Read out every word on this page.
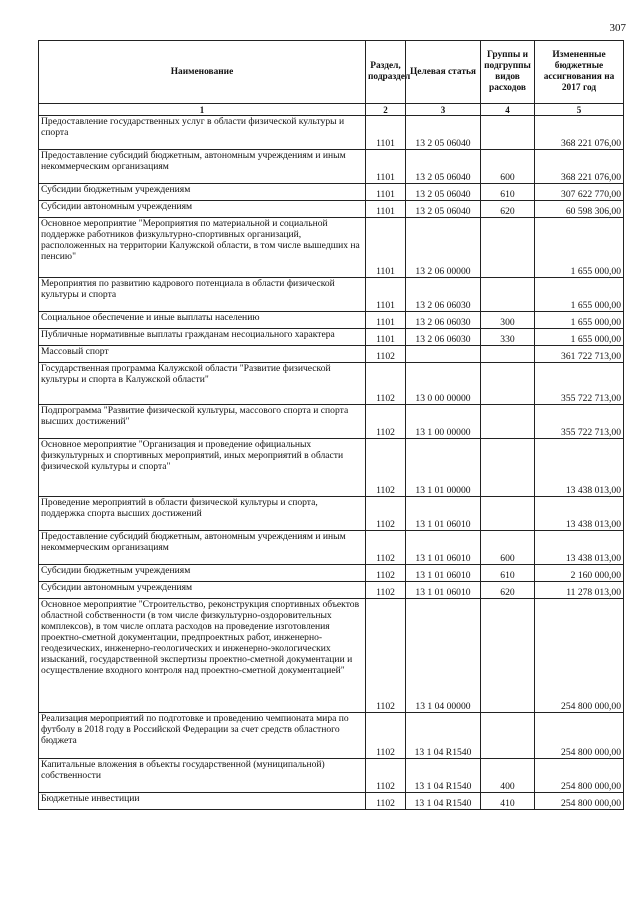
307
Наименование	Раздел, подраздел	Целевая статья	Группы и подгруппы видов расходов	Измененные бюджетные ассигнования на 2017 год
1	2	3	4	5
Предоставление государственных услуг в области физической культуры и спорта	1101	13 2 05 06040		368 221 076,00
Предоставление субсидий бюджетным, автономным учреждениям и иным некоммерческим организациям	1101	13 2 05 06040	600	368 221 076,00
Субсидии бюджетным учреждениям	1101	13 2 05 06040	610	307 622 770,00
Субсидии автономным учреждениям	1101	13 2 05 06040	620	60 598 306,00
Основное мероприятие "Мероприятия по материальной и социальной поддержке работников физкультурно-спортивных организаций, расположенных на территории Калужской области, в том числе вышедших на пенсию"	1101	13 2 06 00000		1 655 000,00
Мероприятия по развитию кадрового потенциала в области физической культуры и спорта	1101	13 2 06 06030		1 655 000,00
Социальное обеспечение и иные выплаты населению	1101	13 2 06 06030	300	1 655 000,00
Публичные нормативные выплаты гражданам несоциального характера	1101	13 2 06 06030	330	1 655 000,00
Массовый спорт	1102			361 722 713,00
Государственная программа Калужской области "Развитие физической культуры и спорта в Калужской области"	1102	13 0 00 00000		355 722 713,00
Подпрограмма "Развитие физической культуры, массового спорта и спорта высших достижений"	1102	13 1 00 00000		355 722 713,00
Основное мероприятие "Организация и проведение официальных физкультурных и спортивных мероприятий, иных мероприятий в области физической культуры и спорта"	1102	13 1 01 00000		13 438 013,00
Проведение мероприятий в области физической культуры и спорта, поддержка спорта высших достижений	1102	13 1 01 06010		13 438 013,00
Предоставление субсидий бюджетным, автономным учреждениям и иным некоммерческим организациям	1102	13 1 01 06010	600	13 438 013,00
Субсидии бюджетным учреждениям	1102	13 1 01 06010	610	2 160 000,00
Субсидии автономным учреждениям	1102	13 1 01 06010	620	11 278 013,00
Основное мероприятие "Строительство, реконструкция спортивных объектов областной собственности (в том числе физкультурно-оздоровительных комплексов), в том числе оплата расходов на проведение изготовления проектно-сметной документации, предпроектных работ, инженерно-геодезических, инженерно-геологических и инженерно-экологических изысканий, государственной экспертизы проектно-сметной документации и осуществление входного контроля над проектно-сметной документацией"	1102	13 1 04 00000		254 800 000,00
Реализация мероприятий по подготовке и проведению чемпионата мира по футболу в 2018 году в Российской Федерации за счет средств областного бюджета	1102	13 1 04 R1540		254 800 000,00
Капитальные вложения в объекты государственной (муниципальной) собственности	1102	13 1 04 R1540	400	254 800 000,00
Бюджетные инвестиции	1102	13 1 04 R1540	410	254 800 000,00
